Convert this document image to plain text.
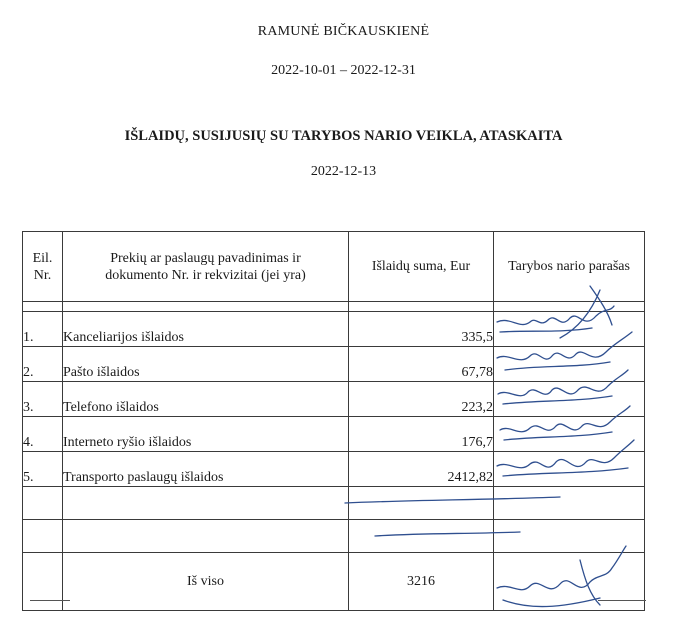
RAMUNĖ BIČKAUSKIENĖ
2022-10-01 – 2022-12-31
IŠLAIDŲ, SUSIJUSIŲ SU TARYBOS NARIO VEIKLA, ATASKAITA
2022-12-13
Eil. Nr.	Prekių ar paslaugų pavadinimas ir dokumento Nr. ir rekvizitai (jei yra)	Išlaidų suma, Eur	Tarybos nario parašas

1.	Kanceliarijos išlaidos	335,5	
2.	Pašto išlaidos	67,78	
3.	Telefono išlaidos	223,2	
4.	Interneto ryšio išlaidos	176,7	
5.	Transporto paslaugų išlaidos	2412,82	

	Iš viso	3216	
